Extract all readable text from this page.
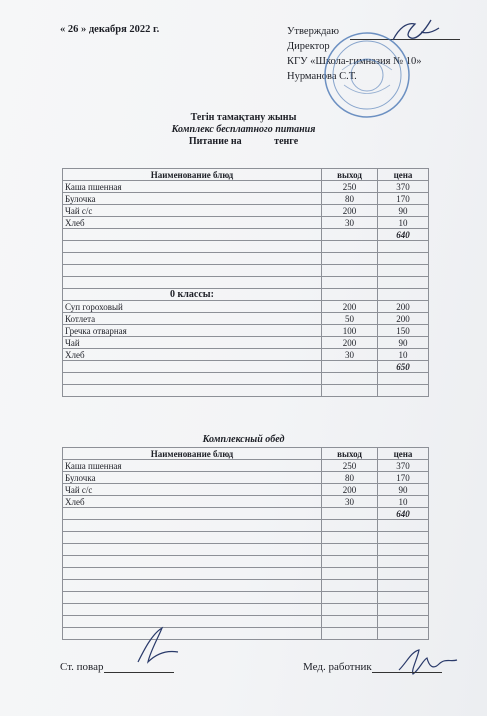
« 26 » декабря 2022 г.	Утверждаю
Директор
КГУ «Школа-гимназия № 10»
Нурманова С.Т.
Тегін тамақтану жыны
Комплекс бесплатного питания
Питание на	тенге
Наименование блюд	выход	цена
Каша пшенная	250	370
Булочка	80	170
Чай с/с	200	90
Хлеб	30	10
		640

0 классы:		
Суп гороховый	200	200
Котлета	50	200
Гречка отварная	100	150
Чай	200	90
Хлеб	30	10
		650

Комплексный обед
Наименование блюд	выход	цена
Каша пшенная	250	370
Булочка	80	170
Чай с/с	200	90
Хлеб	30	10
		640

Ст. повар	Мед. работник
